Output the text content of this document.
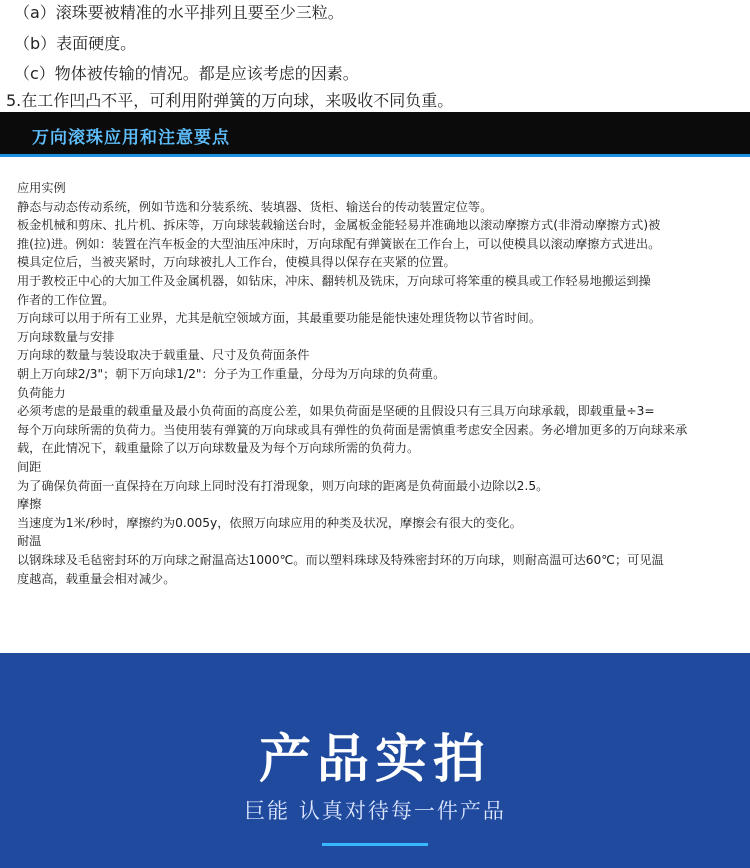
（a）滚珠要被精准的水平排列且要至少三粒。

（b）表面硬度。

（c）物体被传输的情况。都是应该考虑的因素。

5.在工作凹凸不平，可利用附弹簧的万向球，来吸收不同负重。

万向滚珠应用和注意要点
应用实例
静态与动态传动系统，例如节选和分装系统、装填器、货柜、输送台的传动装置定位等。
板金机械和剪床、扎片机、拆床等，万向球装载输送台时，金属板金能轻易并准确地以滚动摩擦方式(非滑动摩擦方式)被
推(拉)进。例如：装置在汽车板金的大型油压冲床时，万向球配有弹簧嵌在工作台上，可以使模具以滚动摩擦方式进出。
模具定位后，当被夹紧时，万向球被扎人工作台，使模具得以保存在夹紧的位置。
用于教校正中心的大加工件及金属机器，如钻床，冲床、翻转机及铣床，万向球可将笨重的模具或工作轻易地搬运到操
作者的工作位置。
万向球可以用于所有工业界，尤其是航空领域方面，其最重要功能是能快速处理货物以节省时间。
万向球数量与安排
万向球的数量与装设取决于载重量、尺寸及负荷面条件
朝上万向球2/3"；朝下万向球1/2"：分子为工作重量，分母为万向球的负荷重。
负荷能力
必须考虑的是最重的载重量及最小负荷面的高度公差，如果负荷面是坚硬的且假设只有三具万向球承载，即载重量÷3=
每个万向球所需的负荷力。当使用装有弹簧的万向球或具有弹性的负荷面是需慎重考虑安全因素。务必增加更多的万向球来承
载，在此情况下，载重量除了以万向球数量及为每个万向球所需的负荷力。
间距
为了确保负荷面一直保持在万向球上同时没有打滑现象，则万向球的距离是负荷面最小边除以2.5。
摩擦
当速度为1米/秒时，摩擦约为0.005y，依照万向球应用的种类及状况，摩擦会有很大的变化。
耐温
以钢珠球及毛毡密封环的万向球之耐温高达1000℃。而以塑料珠球及特殊密封环的万向球，则耐高温可达60℃；可见温
度越高，载重量会相对减少。
产品实拍
巨能 认真对待每一件产品
